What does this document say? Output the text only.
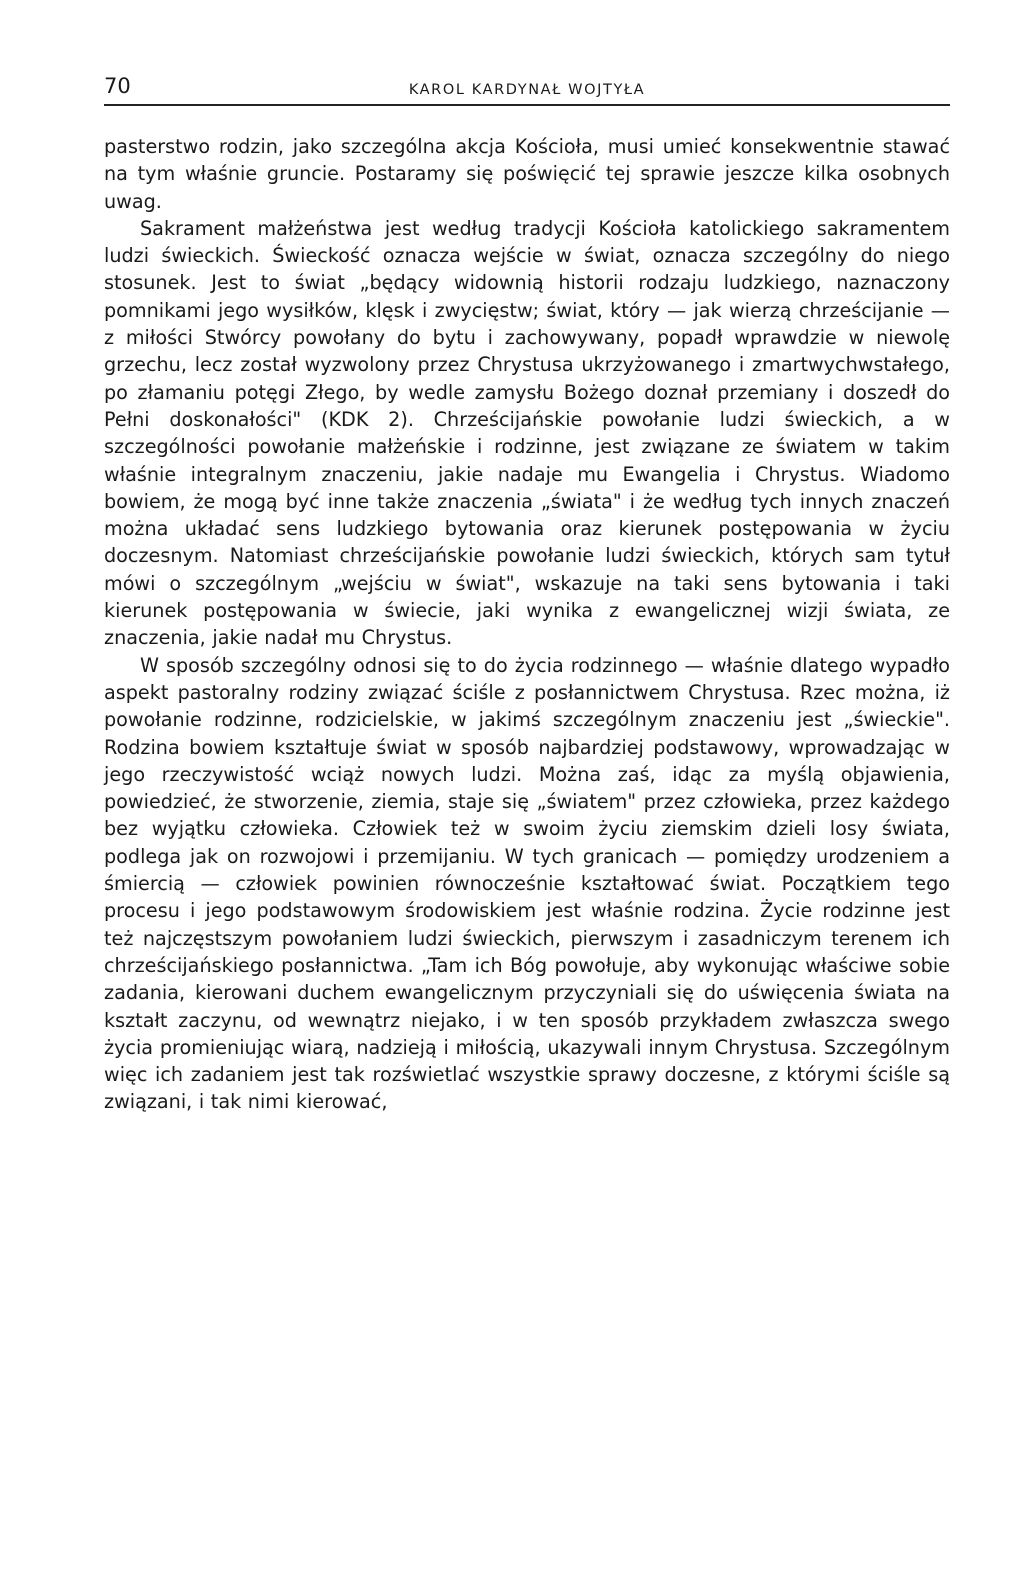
70	KAROL KARDYNAŁ WOJTYŁA

pasterstwo rodzin, jako szczególna akcja Kościoła, musi umieć konsekwentnie stawać na tym właśnie gruncie. Postaramy się poświęcić tej sprawie jeszcze kilka osobnych uwag.

Sakrament małżeństwa jest według tradycji Kościoła katolickiego sakramentem ludzi świeckich. Świeckość oznacza wejście w świat, oznacza szczególny do niego stosunek. Jest to świat „będący widownią historii rodzaju ludzkiego, naznaczony pomnikami jego wysiłków, klęsk i zwycięstw; świat, który — jak wierzą chrześcijanie — z miłości Stwórcy powołany do bytu i zachowywany, popadł wprawdzie w niewolę grzechu, lecz został wyzwolony przez Chrystusa ukrzyżowanego i zmartwychwstałego, po złamaniu potęgi Złego, by wedle zamysłu Bożego doznał przemiany i doszedł do Pełni doskonałości" (KDK 2). Chrześcijańskie powołanie ludzi świeckich, a w szczególności powołanie małżeńskie i rodzinne, jest związane ze światem w takim właśnie integralnym znaczeniu, jakie nadaje mu Ewangelia i Chrystus. Wiadomo bowiem, że mogą być inne także znaczenia „świata" i że według tych innych znaczeń można układać sens ludzkiego bytowania oraz kierunek postępowania w życiu doczesnym. Natomiast chrześcijańskie powołanie ludzi świeckich, których sam tytuł mówi o szczególnym „wejściu w świat", wskazuje na taki sens bytowania i taki kierunek postępowania w świecie, jaki wynika z ewangelicznej wizji świata, ze znaczenia, jakie nadał mu Chrystus.

W sposób szczególny odnosi się to do życia rodzinnego — właśnie dlatego wypadło aspekt pastoralny rodziny związać ściśle z posłannictwem Chrystusa. Rzec można, iż powołanie rodzinne, rodzicielskie, w jakimś szczególnym znaczeniu jest „świeckie". Rodzina bowiem kształtuje świat w sposób najbardziej podstawowy, wprowadzając w jego rzeczywistość wciąż nowych ludzi. Można zaś, idąc za myślą objawienia, powiedzieć, że stworzenie, ziemia, staje się „światem" przez człowieka, przez każdego bez wyjątku człowieka. Człowiek też w swoim życiu ziemskim dzieli losy świata, podlega jak on rozwojowi i przemijaniu. W tych granicach — pomiędzy urodzeniem a śmiercią — człowiek powinien równocześnie kształtować świat. Początkiem tego procesu i jego podstawowym środowiskiem jest właśnie rodzina. Życie rodzinne jest też najczęstszym powołaniem ludzi świeckich, pierwszym i zasadniczym terenem ich chrześcijańskiego posłannictwa. „Tam ich Bóg powołuje, aby wykonując właściwe sobie zadania, kierowani duchem ewangelicznym przyczyniali się do uświęcenia świata na kształt zaczynu, od wewnątrz niejako, i w ten sposób przykładem zwłaszcza swego życia promieniując wiarą, nadzieją i miłością, ukazywali innym Chrystusa. Szczególnym więc ich zadaniem jest tak rozświetlać wszystkie sprawy doczesne, z którymi ściśle są związani, i tak nimi kierować,
